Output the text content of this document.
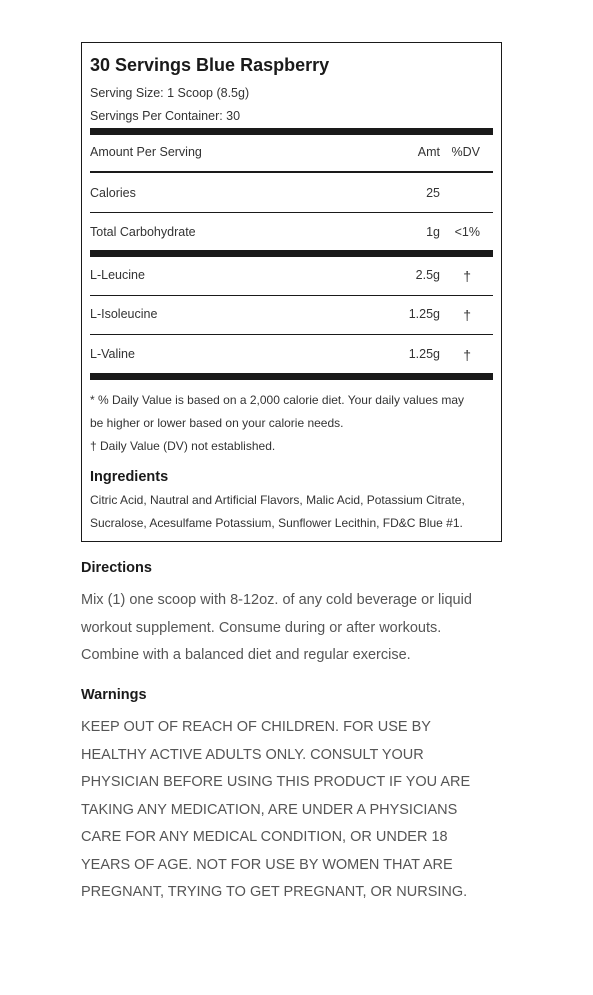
30 Servings Blue Raspberry
Serving Size: 1 Scoop (8.5g)
Servings Per Container: 30
Amount Per Serving	Amt %DV
Calories	25
Total Carbohydrate	1g <1%
L-Leucine	2.5g †
L-Isoleucine	1.25g †
L-Valine	1.25g †
* % Daily Value is based on a 2,000 calorie diet. Your daily values may
be higher or lower based on your calorie needs.
† Daily Value (DV) not established.
Ingredients
Citric Acid, Nautral and Artificial Flavors, Malic Acid, Potassium Citrate,
Sucralose, Acesulfame Potassium, Sunflower Lecithin, FD&C Blue #1.
Directions
Mix (1) one scoop with 8-12oz. of any cold beverage or liquid
workout supplement. Consume during or after workouts.
Combine with a balanced diet and regular exercise.
Warnings
KEEP OUT OF REACH OF CHILDREN. FOR USE BY
HEALTHY ACTIVE ADULTS ONLY. CONSULT YOUR
PHYSICIAN BEFORE USING THIS PRODUCT IF YOU ARE
TAKING ANY MEDICATION, ARE UNDER A PHYSICIANS
CARE FOR ANY MEDICAL CONDITION, OR UNDER 18
YEARS OF AGE. NOT FOR USE BY WOMEN THAT ARE
PREGNANT, TRYING TO GET PREGNANT, OR NURSING.
